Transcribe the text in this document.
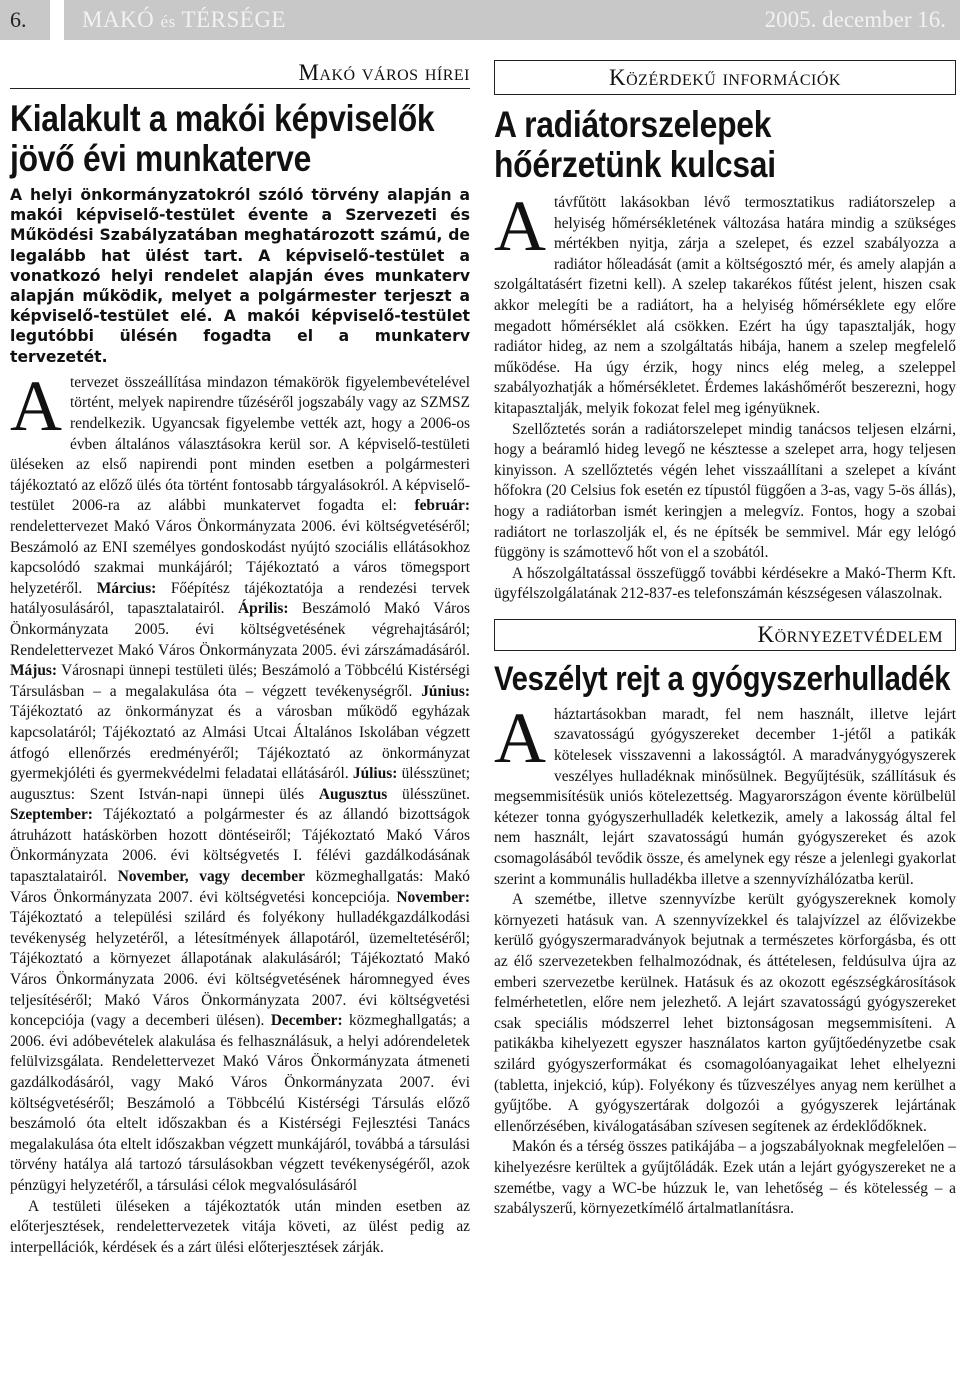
6.	MAKÓ és TÉRSÉGE	2005. december 16.
Makó város hírei
Kialakult a makói képviselők
jövő évi munkaterve
A helyi önkormányzatokról szóló törvény alapján a makói képviselő-testület évente a Szervezeti és Működési Szabályzatában meghatározott számú, de legalább hat ülést tart. A képviselő-testület a vonatkozó helyi rendelet alapján éves munkaterv alapján működik, melyet a polgármester terjeszt a képviselő-testület elé. A makói képviselő-testület legutóbbi ülésén fogadta el a munkaterv tervezetét.

A tervezet összeállítása mindazon témakörök figyelembevételével történt, melyek napirendre tűzéséről jogszabály vagy az SZMSZ rendelkezik. Ugyancsak figyelembe vették azt, hogy a 2006-os évben általános választásokra kerül sor. A képviselő-testületi üléseken az első napirendi pont minden esetben a polgármesteri tájékoztató az előző ülés óta történt fontosabb tárgyalásokról. A képviselő-testület 2006-ra az alábbi munkatervet fogadta el: február: rendelettervezet Makó Város Önkormányzata 2006. évi költségvetéséről; Beszámoló az ENI személyes gondoskodást nyújtó szociális ellátásokhoz kapcsolódó szakmai munkájáról; Tájékoztató a város tömegsport helyzetéről. Március: Főépítész tájékoztatója a rendezési tervek hatályosulásáról, tapasztalatairól. Április: Beszámoló Makó Város Önkormányzata 2005. évi költségvetésének végrehajtásáról; Rendelettervezet Makó Város Önkormányzata 2005. évi zárszámadásáról. Május: Városnapi ünnepi testületi ülés; Beszámoló a Többcélú Kistérségi Társulásban – a megalakulása óta – végzett tevékenységről. Június: Tájékoztató az önkormányzat és a városban működő egyházak kapcsolatáról; Tájékoztató az Almási Utcai Általános Iskolában végzett átfogó ellenőrzés eredményéről; Tájékoztató az önkormányzat gyermekjóléti és gyermekvédelmi feladatai ellátásáról. Július: ülésszünet; augusztus: Szent István-napi ünnepi ülés Augusztus ülésszünet. Szeptember: Tájékoztató a polgármester és az állandó bizottságok átruházott hatáskörben hozott döntéseiről; Tájékoztató Makó Város Önkormányzata 2006. évi költségvetés I. félévi gazdálkodásának tapasztalatairól. November, vagy december közmeghallgatás: Makó Város Önkormányzata 2007. évi költségvetési koncepciója. November: Tájékoztató a települési szilárd és folyékony hulladékgazdálkodási tevékenység helyzetéről, a létesítmények állapotáról, üzemeltetéséről; Tájékoztató a környezet állapotának alakulásáról; Tájékoztató Makó Város Önkormányzata 2006. évi költségvetésének háromnegyed éves teljesítéséről; Makó Város Önkormányzata 2007. évi költségvetési koncepciója (vagy a decemberi ülésen). December: közmeghallgatás; a 2006. évi adóbevételek alakulása és felhasználásuk, a helyi adórendeletek felülvizsgálata. Rendelettervezet Makó Város Önkormányzata átmeneti gazdálkodásáról, vagy Makó Város Önkormányzata 2007. évi költségvetéséről; Beszámoló a Többcélú Kistérségi Társulás előző beszámoló óta eltelt időszakban és a Kistérségi Fejlesztési Tanács megalakulása óta eltelt időszakban végzett munkájáról, továbbá a társulási törvény hatálya alá tartozó társulásokban végzett tevékenységéről, azok pénzügyi helyzetéről, a társulási célok megvalósulásáról

A testületi üléseken a tájékoztatók után minden esetben az előterjesztések, rendelettervezetek vitája követi, az ülést pedig az interpellációk, kérdések és a zárt ülési előterjesztések zárják.

Közérdekű információk
A radiátorszelepek
hőérzetünk kulcsai

A távfűtött lakásokban lévő termosztatikus radiátorszelep a helyiség hőmérsékletének változása határa mindig a szükséges mértékben nyitja, zárja a szelepet, és ezzel szabályozza a radiátor hőleadását (amit a költségosztó mér, és amely alapján a szolgáltatásért fizetni kell). A szelep takarékos fűtést jelent, hiszen csak akkor melegíti be a radiátort, ha a helyiség hőmérséklete egy előre megadott hőmérséklet alá csökken. Ezért ha úgy tapasztalják, hogy radiátor hideg, az nem a szolgáltatás hibája, hanem a szelep megfelelő működése. Ha úgy érzik, hogy nincs elég meleg, a szeleppel szabályozhatják a hőmérsékletet. Érdemes lakáshőmérőt beszerezni, hogy kitapasztalják, melyik fokozat felel meg igényüknek.

Szellőztetés során a radiátorszelepet mindig tanácsos teljesen elzárni, hogy a beáramló hideg levegő ne késztesse a szelepet arra, hogy teljesen kinyisson. A szellőztetés végén lehet visszaállítani a szelepet a kívánt hőfokra (20 Celsius fok esetén ez típustól függően a 3-as, vagy 5-ös állás), hogy a radiátorban ismét keringjen a melegvíz. Fontos, hogy a szobai radiátort ne torlaszolják el, és ne építsék be semmivel. Már egy lelógó függöny is számottevő hőt von el a szobától.

A hőszolgáltatással összefüggő további kérdésekre a Makó-Therm Kft. ügyfélszolgálatának 212-837-es telefonszámán készségesen válaszolnak.

Környezetvédelem
Veszélyt rejt a gyógyszerhulladék

A háztartásokban maradt, fel nem használt, illetve lejárt szavatosságú gyógyszereket december 1-jétől a patikák kötelesek visszavenni a lakosságtól. A maradványgyógyszerek veszélyes hulladéknak minősülnek. Begyűjtésük, szállításuk és megsemmisítésük uniós kötelezettség. Magyarországon évente körülbelül kétezer tonna gyógyszerhulladék keletkezik, amely a lakosság által fel nem használt, lejárt szavatosságú humán gyógyszereket és azok csomagolásából tevődik össze, és amelynek egy része a jelenlegi gyakorlat szerint a kommunális hulladékba illetve a szennyvízhálózatba kerül.

A szemétbe, illetve szennyvízbe került gyógyszereknek komoly környezeti hatásuk van. A szennyvízekkel és talajvízzel az élővizekbe kerülő gyógyszermaradványok bejutnak a természetes körforgásba, és ott az élő szervezetekben felhalmozódnak, és áttételesen, feldúsulva újra az emberi szervezetbe kerülnek. Hatásuk és az okozott egészségkárosítások felmérhetetlen, előre nem jelezhető. A lejárt szavatosságú gyógyszereket csak speciális módszerrel lehet biztonságosan megsemmisíteni. A patikákba kihelyezett egyszer használatos karton gyűjtőedényzetbe csak szilárd gyógyszerformákat és csomagolóanyagaikat lehet elhelyezni (tabletta, injekció, kúp). Folyékony és tűzveszélyes anyag nem kerülhet a gyűjtőbe. A gyógyszertárak dolgozói a gyógyszerek lejártának ellenőrzésében, kiválogatásában szívesen segítenek az érdeklődőknek.

Makón és a térség összes patikájába – a jogszabályoknak megfelelően – kihelyezésre kerültek a gyűjtőládák. Ezek után a lejárt gyógyszereket ne a szemétbe, vagy a WC-be húzzuk le, van lehetőség – és kötelesség – a szabályszerű, környezetkímélő ártalmatlanításra.
